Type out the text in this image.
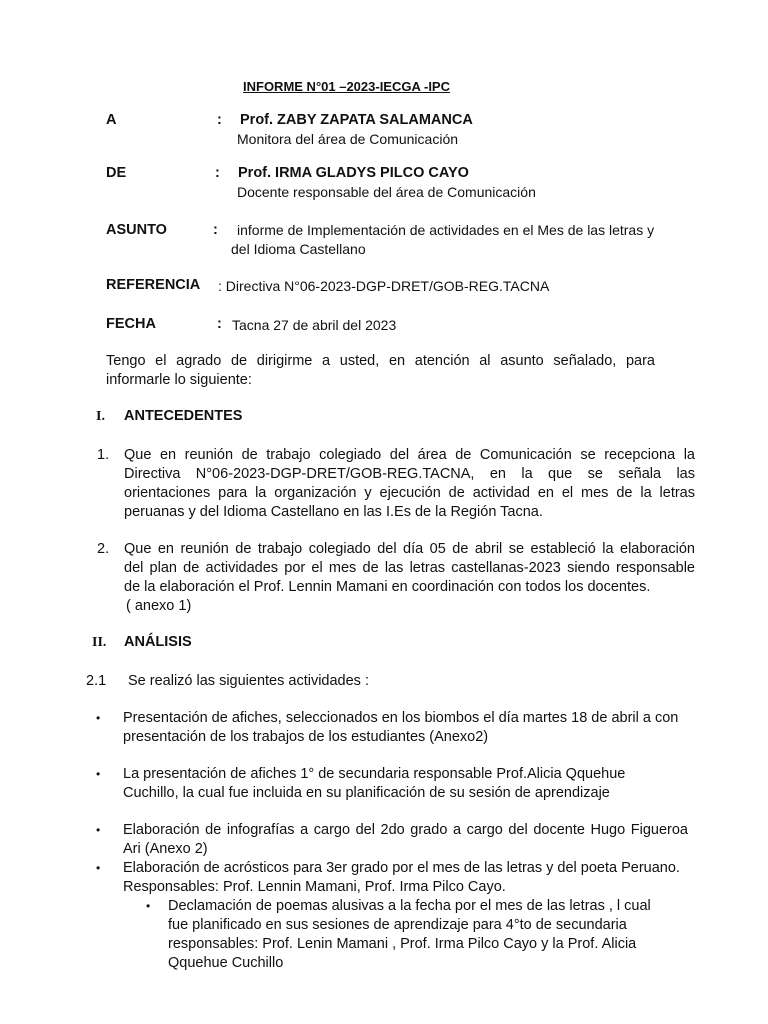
INFORME N°01 –2023-IECGA -IPC
A	: Prof. ZABY ZAPATA SALAMANCA
Monitora del área de Comunicación
DE	: Prof. IRMA GLADYS PILCO CAYO
Docente responsable del área de Comunicación
ASUNTO	: informe de Implementación de actividades en el Mes de las letras y
del Idioma Castellano
REFERENCIA : Directiva N°06-2023-DGP-DRET/GOB-REG.TACNA
FECHA	: Tacna 27 de abril del 2023
Tengo el agrado de dirigirme a usted, en atención al asunto señalado, para
informarle lo siguiente:
I. ANTECEDENTES
1. Que en reunión de trabajo colegiado del área de Comunicación se recepciona la
Directiva N°06-2023-DGP-DRET/GOB-REG.TACNA, en la que se señala las
orientaciones para la organización y ejecución de actividad en el mes de la letras
peruanas y del Idioma Castellano en las I.Es de la Región Tacna.
2. Que en reunión de trabajo colegiado del día 05 de abril se estableció la elaboración
del plan de actividades por el mes de las letras castellanas-2023 siendo responsable
de la elaboración el Prof. Lennin Mamani en coordinación con todos los docentes.
( anexo 1)
II. ANÁLISIS
2.1 Se realizó las siguientes actividades :
• Presentación de afiches, seleccionados en los biombos el día martes 18 de abril a con
presentación de los trabajos de los estudiantes (Anexo2)
• La presentación de afiches 1° de secundaria responsable Prof.Alicia Qquehue
Cuchillo, la cual fue incluida en su planificación de su sesión de aprendizaje
• Elaboración de infografías a cargo del 2do grado a cargo del docente Hugo Figueroa
Ari (Anexo 2)
• Elaboración de acrósticos para 3er grado por el mes de las letras y del poeta Peruano.
Responsables: Prof. Lennin Mamani, Prof. Irma Pilco Cayo.
• Declamación de poemas alusivas a la fecha por el mes de las letras , l cual
fue planificado en sus sesiones de aprendizaje para 4°to de secundaria
responsables: Prof. Lenin Mamani , Prof. Irma Pilco Cayo y la Prof. Alicia
Qquehue Cuchillo
